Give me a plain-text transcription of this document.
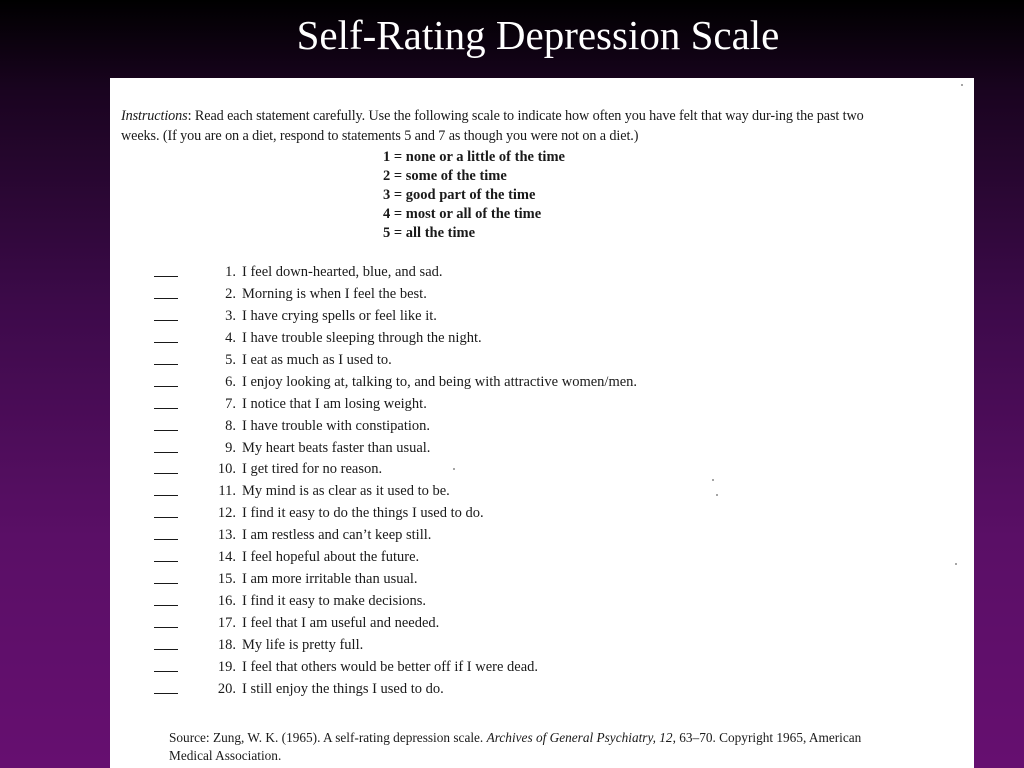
Self-Rating Depression Scale

Instructions: Read each statement carefully. Use the following scale to indicate how often you have felt that way dur-ing the past two weeks. (If you are on a diet, respond to statements 5 and 7 as though you were not on a diet.)

1 = none or a little of the time
2 = some of the time
3 = good part of the time
4 = most or all of the time
5 = all the time
1. I feel down-hearted, blue, and sad.
2. Morning is when I feel the best.
3. I have crying spells or feel like it.
4. I have trouble sleeping through the night.
5. I eat as much as I used to.
6. I enjoy looking at, talking to, and being with attractive women/men.
7. I notice that I am losing weight.
8. I have trouble with constipation.
9. My heart beats faster than usual.
10. I get tired for no reason.
11. My mind is as clear as it used to be.
12. I find it easy to do the things I used to do.
13. I am restless and can’t keep still.
14. I feel hopeful about the future.
15. I am more irritable than usual.
16. I find it easy to make decisions.
17. I feel that I am useful and needed.
18. My life is pretty full.
19. I feel that others would be better off if I were dead.
20. I still enjoy the things I used to do.

Source: Zung, W. K. (1965). A self-rating depression scale. Archives of General Psychiatry, 12, 63–70. Copyright 1965, American Medical Association.
